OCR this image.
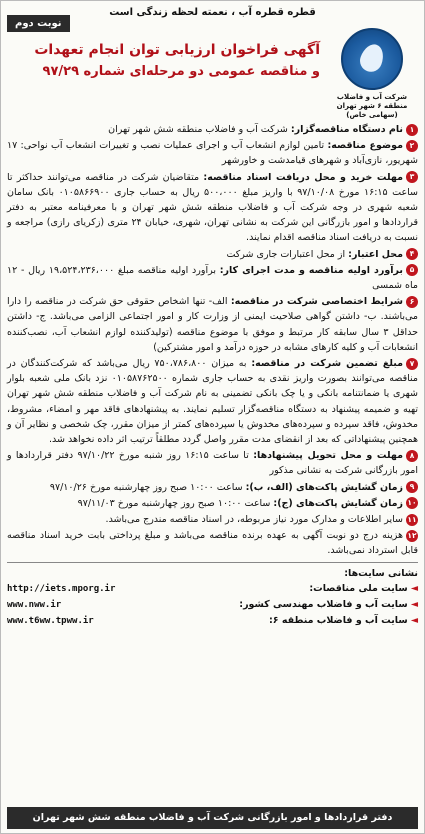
قطره قطره آب ، نعمته لحظه زندگی است
نوبت دوم
شرکت آب و فاضلاب منطقه ۶ شهر تهران (سهامی خاص)
آگهی فراخوان ارزیابی توان انجام تعهدات
و مناقصه عمومی دو مرحله‌ای شماره ۹۷/۲۹
۱نام دستگاه مناقصه‌گزار: شرکت آب و فاضلاب منطقه شش شهر تهران
۲موضوع مناقصه: تامین لوازم انشعاب آب و اجرای عملیات نصب و تغییرات انشعاب آب نواحی: ۱۷ شهریور، نازی‌آباد و شهرهای قیامدشت و خاورشهر
۳مهلت خرید و محل دریافت اسناد مناقصه: متقاضیان شرکت در مناقصه می‌توانند حداکثر تا ساعت ۱۶:۱۵ مورخ ۹۷/۱۰/۰۸ با واریز مبلغ ۵۰۰،۰۰۰ ریال به حساب جاری ۰۱۰۵۸۶۶۹۰۰ بانک سامان شعبه شهری در وجه شرکت آب و فاضلاب منطقه شش شهر تهران و با معرفینامه معتبر به دفتر قراردادها و امور بازرگانی این شرکت به نشانی تهران، شهری، خیابان ۲۴ متری (زکریای رازی) مراجعه و نسبت به دریافت اسناد مناقصه اقدام نمایند.
۴محل اعتبار: از محل اعتبارات جاری شرکت
۵برآورد اولیه مناقصه و مدت اجرای کار: برآورد اولیه مناقصه مبلغ ۱۹،۵۲۴،۲۳۶،۰۰۰ ریال - ۱۲ ماه شمسی
۶شرایط اختصاصی شرکت در مناقصه: الف- تنها اشخاص حقوقی حق شرکت در مناقصه را دارا می‌باشند. ب- داشتن گواهی صلاحیت ایمنی از وزارت کار و امور اجتماعی الزامی می‌باشد. ج- داشتن حداقل ۳ سال سابقه کار مرتبط و موفق با موضوع مناقصه (تولیدکننده لوازم انشعاب آب، نصب‌کننده انشعابات آب و کلیه کارهای مشابه در حوزه درآمد و امور مشترکین)
۷مبلغ تضمین شرکت در مناقصه: به میزان ۷۵۰،۷۸۶،۸۰۰ ریال می‌باشد که شرکت‌کنندگان در مناقصه می‌توانند بصورت واریز نقدی به حساب جاری شماره ۰۱۰۵۸۷۶۲۵۰۰ نزد بانک ملی شعبه بلوار شهری یا ضمانتنامه بانکی و یا چک بانکی تضمینی به نام شرکت آب و فاضلاب منطقه شش شهر تهران تهیه و ضمیمه پیشنهاد به دستگاه مناقصه‌گزار تسلیم نمایند. به پیشنهادهای فاقد مهر و امضاء، مشروط، مخدوش، فاقد سپرده و سپرده‌های مخدوش یا سپرده‌های کمتر از میزان مقرر، چک شخصی و نظایر آن و همچنین پیشنهاداتی که بعد از انقضای مدت مقرر واصل گردد مطلقاً ترتیب اثر داده نخواهد شد.
۸مهلت و محل تحویل پیشنهادها: تا ساعت ۱۶:۱۵ روز شنبه مورخ ۹۷/۱۰/۲۲ دفتر قراردادها و امور بازرگانی شرکت به نشانی مذکور
۹زمان گشایش پاکت‌های (الف، ب): ساعت ۱۰:۰۰ صبح روز چهارشنبه مورخ ۹۷/۱۰/۲۶
۱۰زمان گشایش پاکت‌های (ج): ساعت ۱۰:۰۰ صبح روز چهارشنبه مورخ ۹۷/۱۱/۰۳
۱۱سایر اطلاعات و مدارک مورد نیاز مربوطه، در اسناد مناقصه مندرج می‌باشد.
۱۲هزینه درج دو نوبت آگهی به عهده برنده مناقصه می‌باشد و مبلغ پرداختی بابت خرید اسناد مناقصه قابل استرداد نمی‌باشد.
نشانی سایت‌ها:
◄سایت ملی مناقصات:
http://iets.mporg.ir
◄سایت آب و فاضلاب مهندسی کشور:
www.nww.ir
◄سایت آب و فاضلاب منطقه ۶:
www.t6ww.tpww.ir
دفتر قراردادها و امور بازرگانی شرکت آب و فاضلاب منطقه شش شهر تهران
